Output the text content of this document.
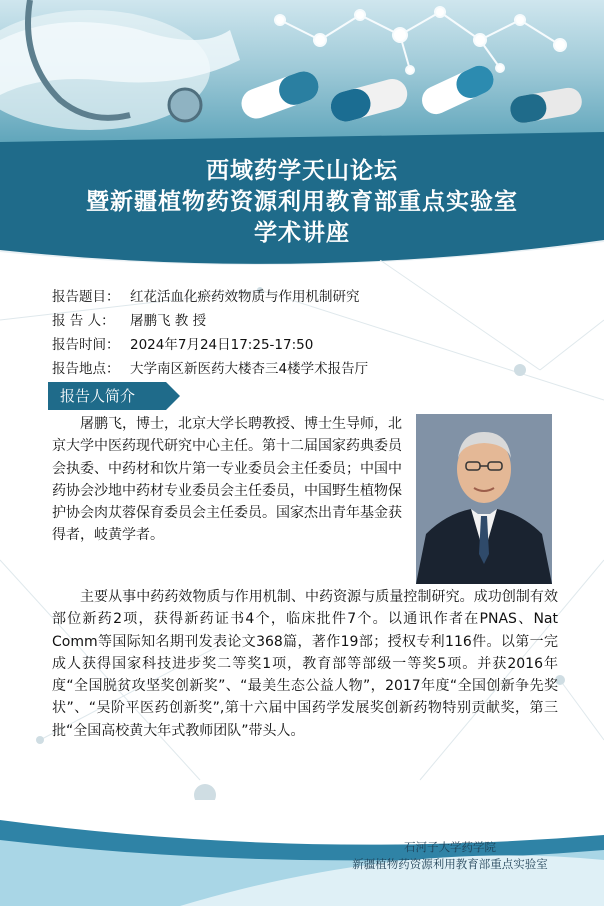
西域药学天山论坛
暨新疆植物药资源利用教育部重点实验室
学术讲座
报告题目： 红花活血化瘀药效物质与作用机制研究
报 告 人： 屠鹏飞 教 授
报告时间： 2024年7月24日17:25-17:50
报告地点： 大学南区新医药大楼杏三4楼学术报告厅
报告人简介

屠鹏飞，博士，北京大学长聘教授、博士生导师，北京大学中医药现代研究中心主任。第十二届国家药典委员会执委、中药材和饮片第一专业委员会主任委员；中国中药协会沙地中药材专业委员会主任委员，中国野生植物保护协会肉苁蓉保育委员会主任委员。国家杰出青年基金获得者，岐黄学者。

主要从事中药药效物质与作用机制、中药资源与质量控制研究。成功创制有效部位新药2项，获得新药证书4个，临床批件7个。以通讯作者在PNAS、Nat Comm等国际知名期刊发表论文368篇，著作19部；授权专利116件。以第一完成人获得国家科技进步奖二等奖1项，教育部等部级一等奖5项。并获2016年度“全国脱贫攻坚奖创新奖”、“最美生态公益人物”，2017年度“全国创新争先奖状”、“吴阶平医药创新奖”,第十六届中国药学发展奖创新药物特别贡献奖，第三批“全国高校黄大年式教师团队”带头人。

石河子大学药学院
新疆植物药资源利用教育部重点实验室
